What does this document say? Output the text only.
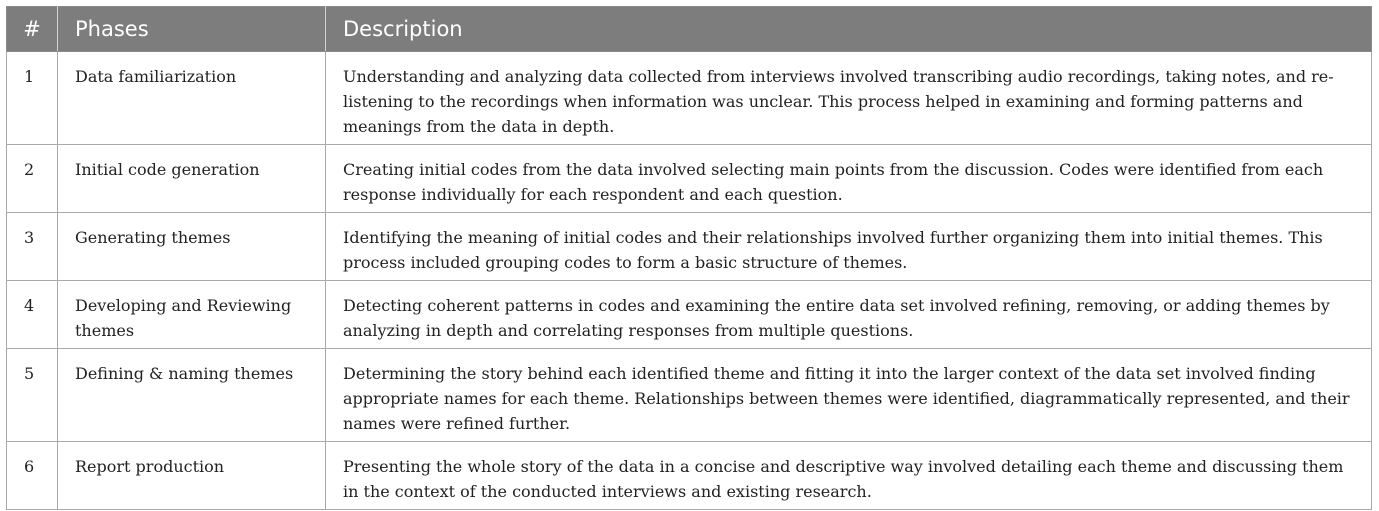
#	Phases	Description
1	Data familiarization	Understanding and analyzing data collected from interviews involved transcribing audio recordings, taking notes, and re-listening to the recordings when information was unclear. This process helped in examining and forming patterns and meanings from the data in depth.
2	Initial code generation	Creating initial codes from the data involved selecting main points from the discussion. Codes were identified from each response individually for each respondent and each question.
3	Generating themes	Identifying the meaning of initial codes and their relationships involved further organizing them into initial themes. This process included grouping codes to form a basic structure of themes.
4	Developing and Reviewing themes	Detecting coherent patterns in codes and examining the entire data set involved refining, removing, or adding themes by analyzing in depth and correlating responses from multiple questions.
5	Defining & naming themes	Determining the story behind each identified theme and fitting it into the larger context of the data set involved finding appropriate names for each theme. Relationships between themes were identified, diagrammatically represented, and their names were refined further.
6	Report production	Presenting the whole story of the data in a concise and descriptive way involved detailing each theme and discussing them in the context of the conducted interviews and existing research.
